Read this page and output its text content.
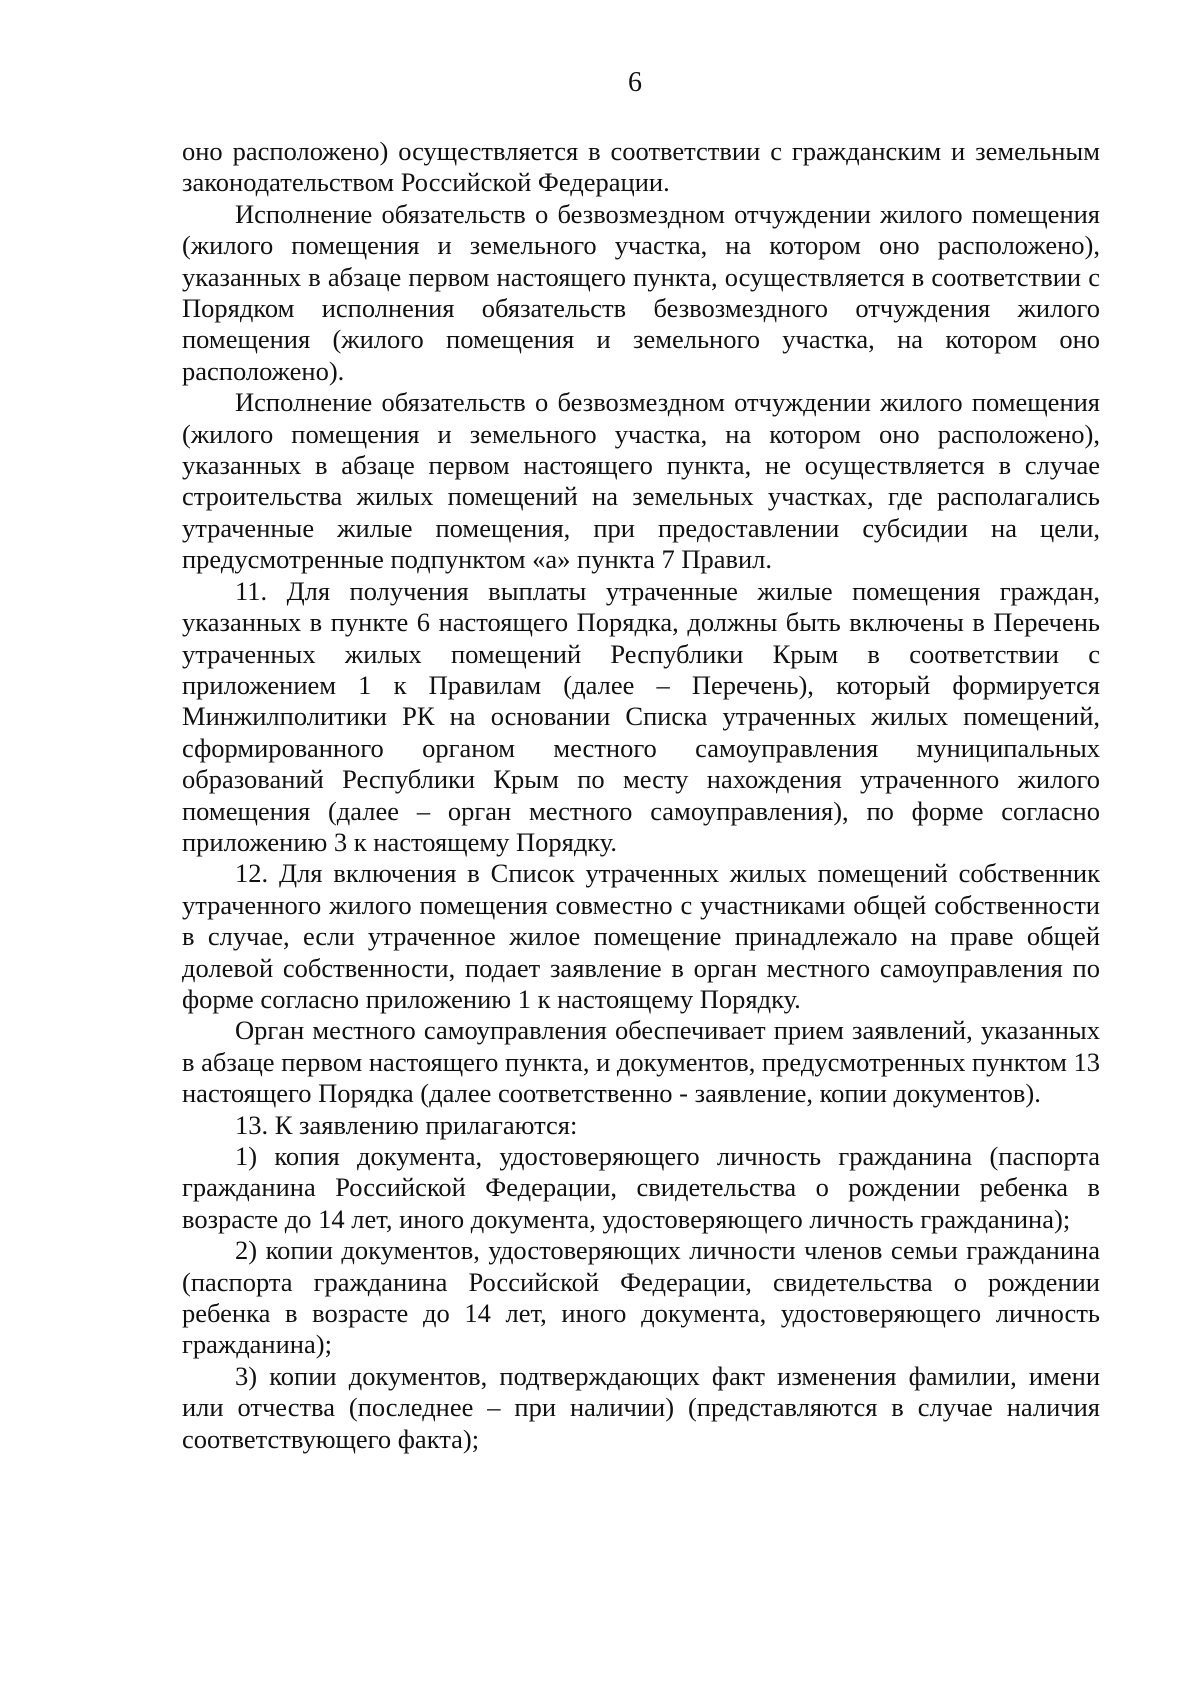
6

оно расположено) осуществляется в соответствии с гражданским и земельным законодательством Российской Федерации.

Исполнение обязательств о безвозмездном отчуждении жилого помещения (жилого помещения и земельного участка, на котором оно расположено), указанных в абзаце первом настоящего пункта, осуществляется в соответствии с Порядком исполнения обязательств безвозмездного отчуждения жилого помещения (жилого помещения и земельного участка, на котором оно расположено).

Исполнение обязательств о безвозмездном отчуждении жилого помещения (жилого помещения и земельного участка, на котором оно расположено), указанных в абзаце первом настоящего пункта, не осуществляется в случае строительства жилых помещений на земельных участках, где располагались утраченные жилые помещения, при предоставлении субсидии на цели, предусмотренные подпунктом «а» пункта 7 Правил.

11. Для получения выплаты утраченные жилые помещения граждан, указанных в пункте 6 настоящего Порядка, должны быть включены в Перечень утраченных жилых помещений Республики Крым в соответствии с приложением 1 к Правилам (далее – Перечень), который формируется Минжилполитики РК на основании Списка утраченных жилых помещений, сформированного органом местного самоуправления муниципальных образований Республики Крым по месту нахождения утраченного жилого помещения (далее – орган местного самоуправления), по форме согласно приложению 3 к настоящему Порядку.

12. Для включения в Список утраченных жилых помещений собственник утраченного жилого помещения совместно с участниками общей собственности в случае, если утраченное жилое помещение принадлежало на праве общей долевой собственности, подает заявление в орган местного самоуправления по форме согласно приложению 1 к настоящему Порядку.

Орган местного самоуправления обеспечивает прием заявлений, указанных в абзаце первом настоящего пункта, и документов, предусмотренных пунктом 13 настоящего Порядка (далее соответственно - заявление, копии документов).

13. К заявлению прилагаются:

1) копия документа, удостоверяющего личность гражданина (паспорта гражданина Российской Федерации, свидетельства о рождении ребенка в возрасте до 14 лет, иного документа, удостоверяющего личность гражданина);

2) копии документов, удостоверяющих личности членов семьи гражданина (паспорта гражданина Российской Федерации, свидетельства о рождении ребенка в возрасте до 14 лет, иного документа, удостоверяющего личность гражданина);

3) копии документов, подтверждающих факт изменения фамилии, имени или отчества (последнее – при наличии) (представляются в случае наличия соответствующего факта);
